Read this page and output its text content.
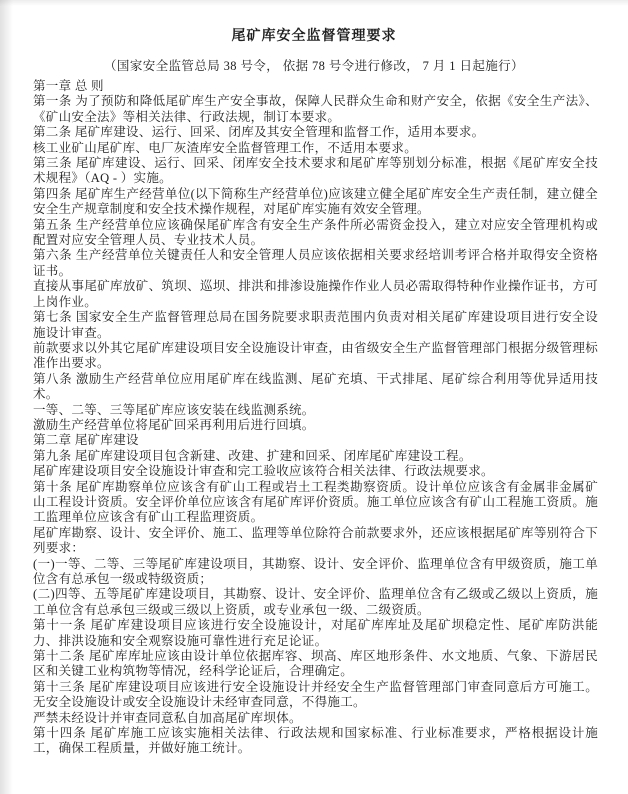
尾矿库安全监督管理要求

（国家安全监管总局 38 号令， 依据 78 号令进行修改， 7 月 1 日起施行）

第一章 总 则

第一条 为了预防和降低尾矿库生产安全事故，保障人民群众生命和财产安全，依据《安全生产法》、《矿山安全法》等相关法律、行政法规，制订本要求。

第二条 尾矿库建设、运行、回采、闭库及其安全管理和监督工作，适用本要求。

核工业矿山尾矿库、电厂灰渣库安全监督管理工作，不适用本要求。

第三条 尾矿库建设、运行、回采、闭库安全技术要求和尾矿库等别划分标准，根据《尾矿库安全技术规程》（AQ - ）实施。

第四条 尾矿库生产经营单位(以下简称生产经营单位)应该建立健全尾矿库安全生产责任制，建立健全安全生产规章制度和安全技术操作规程，对尾矿库实施有效安全管理。

第五条 生产经营单位应该确保尾矿库含有安全生产条件所必需资金投入，建立对应安全管理机构或配置对应安全管理人员、专业技术人员。

第六条 生产经营单位关键责任人和安全管理人员应该依据相关要求经培训考评合格并取得安全资格证书。

直接从事尾矿库放矿、筑坝、巡坝、排洪和排渗设施操作作业人员必需取得特种作业操作证书，方可上岗作业。

第七条 国家安全生产监督管理总局在国务院要求职责范围内负责对相关尾矿库建设项目进行安全设施设计审查。

前款要求以外其它尾矿库建设项目安全设施设计审查，由省级安全生产监督管理部门根据分级管理标准作出要求。

第八条 激励生产经营单位应用尾矿库在线监测、尾矿充填、干式排尾、尾矿综合利用等优异适用技术。

一等、二等、三等尾矿库应该安装在线监测系统。

激励生产经营单位将尾矿回采再利用后进行回填。

第二章 尾矿库建设

第九条 尾矿库建设项目包含新建、改建、扩建和回采、闭库尾矿库建设工程。

尾矿库建设项目安全设施设计审查和完工验收应该符合相关法律、行政法规要求。

第十条 尾矿库勘察单位应该含有矿山工程或岩土工程类勘察资质。设计单位应该含有金属非金属矿山工程设计资质。安全评价单位应该含有尾矿库评价资质。施工单位应该含有矿山工程施工资质。施工监理单位应该含有矿山工程监理资质。

尾矿库勘察、设计、安全评价、施工、监理等单位除符合前款要求外，还应该根据尾矿库等别符合下列要求：

(一)一等、二等、三等尾矿库建设项目，其勘察、设计、安全评价、监理单位含有甲级资质，施工单位含有总承包一级或特级资质；

(二)四等、五等尾矿库建设项目，其勘察、设计、安全评价、监理单位含有乙级或乙级以上资质，施工单位含有总承包三级或三级以上资质，或专业承包一级、二级资质。

第十一条 尾矿库建设项目应该进行安全设施设计，对尾矿库库址及尾矿坝稳定性、尾矿库防洪能力、排洪设施和安全观察设施可靠性进行充足论证。

第十二条 尾矿库库址应该由设计单位依据库容、坝高、库区地形条件、水文地质、气象、下游居民区和关键工业构筑物等情况，经科学论证后，合理确定。

第十三条 尾矿库建设项目应该进行安全设施设计并经安全生产监督管理部门审查同意后方可施工。无安全设施设计或安全设施设计未经审查同意，不得施工。

严禁未经设计并审查同意私自加高尾矿库坝体。

第十四条 尾矿库施工应该实施相关法律、行政法规和国家标准、行业标准要求，严格根据设计施工，确保工程质量，并做好施工统计。
